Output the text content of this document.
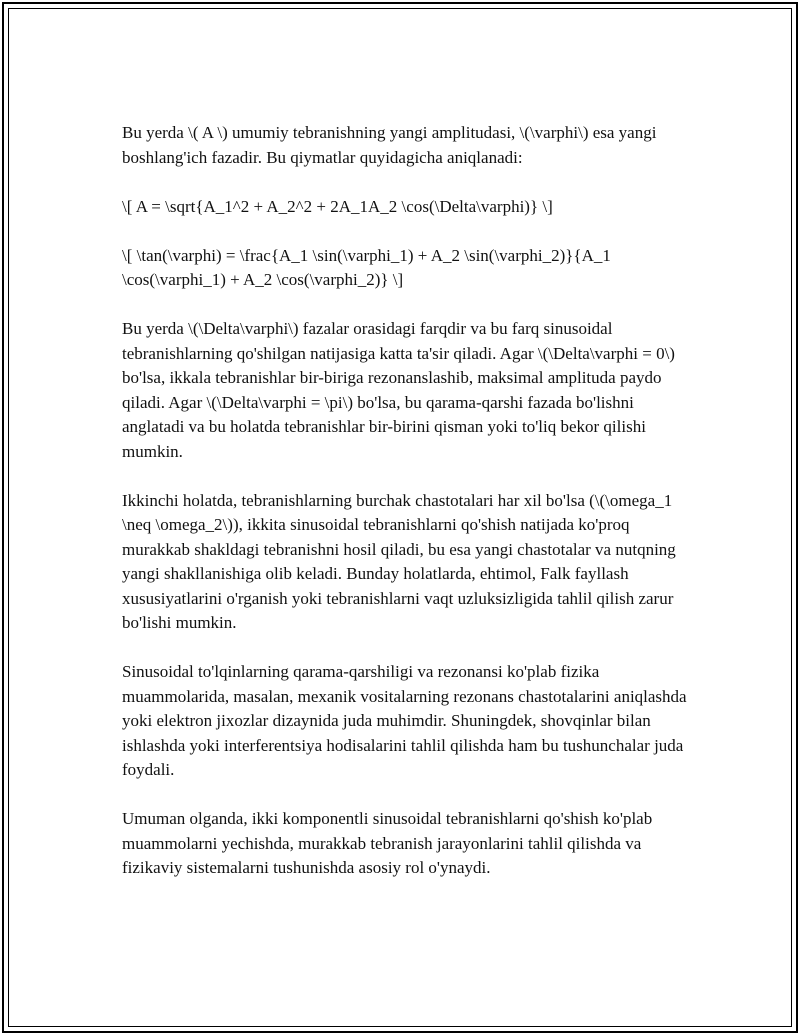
Bu yerda \( A \) umumiy tebranishning yangi amplitudasi, \(\varphi\) esa yangi boshlang'ich fazadir. Bu qiymatlar quyidagicha aniqlanadi:

\[ A = \sqrt{A_1^2 + A_2^2 + 2A_1A_2 \cos(\Delta\varphi)} \]

\[ \tan(\varphi) = \frac{A_1 \sin(\varphi_1) + A_2 \sin(\varphi_2)}{A_1 \cos(\varphi_1) + A_2 \cos(\varphi_2)} \]

Bu yerda \(\Delta\varphi\) fazalar orasidagi farqdir va bu farq sinusoidal tebranishlarning qo'shilgan natijasiga katta ta'sir qiladi. Agar \(\Delta\varphi = 0\) bo'lsa, ikkala tebranishlar bir-biriga rezonanslashib, maksimal amplituda paydo qiladi. Agar \(\Delta\varphi = \pi\) bo'lsa, bu qarama-qarshi fazada bo'lishni anglatadi va bu holatda tebranishlar bir-birini qisman yoki to'liq bekor qilishi mumkin.

Ikkinchi holatda, tebranishlarning burchak chastotalari har xil bo'lsa (\(\omega_1 \neq \omega_2\)), ikkita sinusoidal tebranishlarni qo'shish natijada ko'proq murakkab shakldagi tebranishni hosil qiladi, bu esa yangi chastotalar va nutqning yangi shakllanishiga olib keladi. Bunday holatlarda, ehtimol, Falk fayllash xususiyatlarini o'rganish yoki tebranishlarni vaqt uzluksizligida tahlil qilish zarur bo'lishi mumkin.

Sinusoidal to'lqinlarning qarama-qarshiligi va rezonansi ko'plab fizika muammolarida, masalan, mexanik vositalarning rezonans chastotalarini aniqlashda yoki elektron jixozlar dizaynida juda muhimdir. Shuningdek, shovqinlar bilan ishlashda yoki interferentsiya hodisalarini tahlil qilishda ham bu tushunchalar juda foydali.

Umuman olganda, ikki komponentli sinusoidal tebranishlarni qo'shish ko'plab muammolarni yechishda, murakkab tebranish jarayonlarini tahlil qilishda va fizikaviy sistemalarni tushunishda asosiy rol o'ynaydi.
